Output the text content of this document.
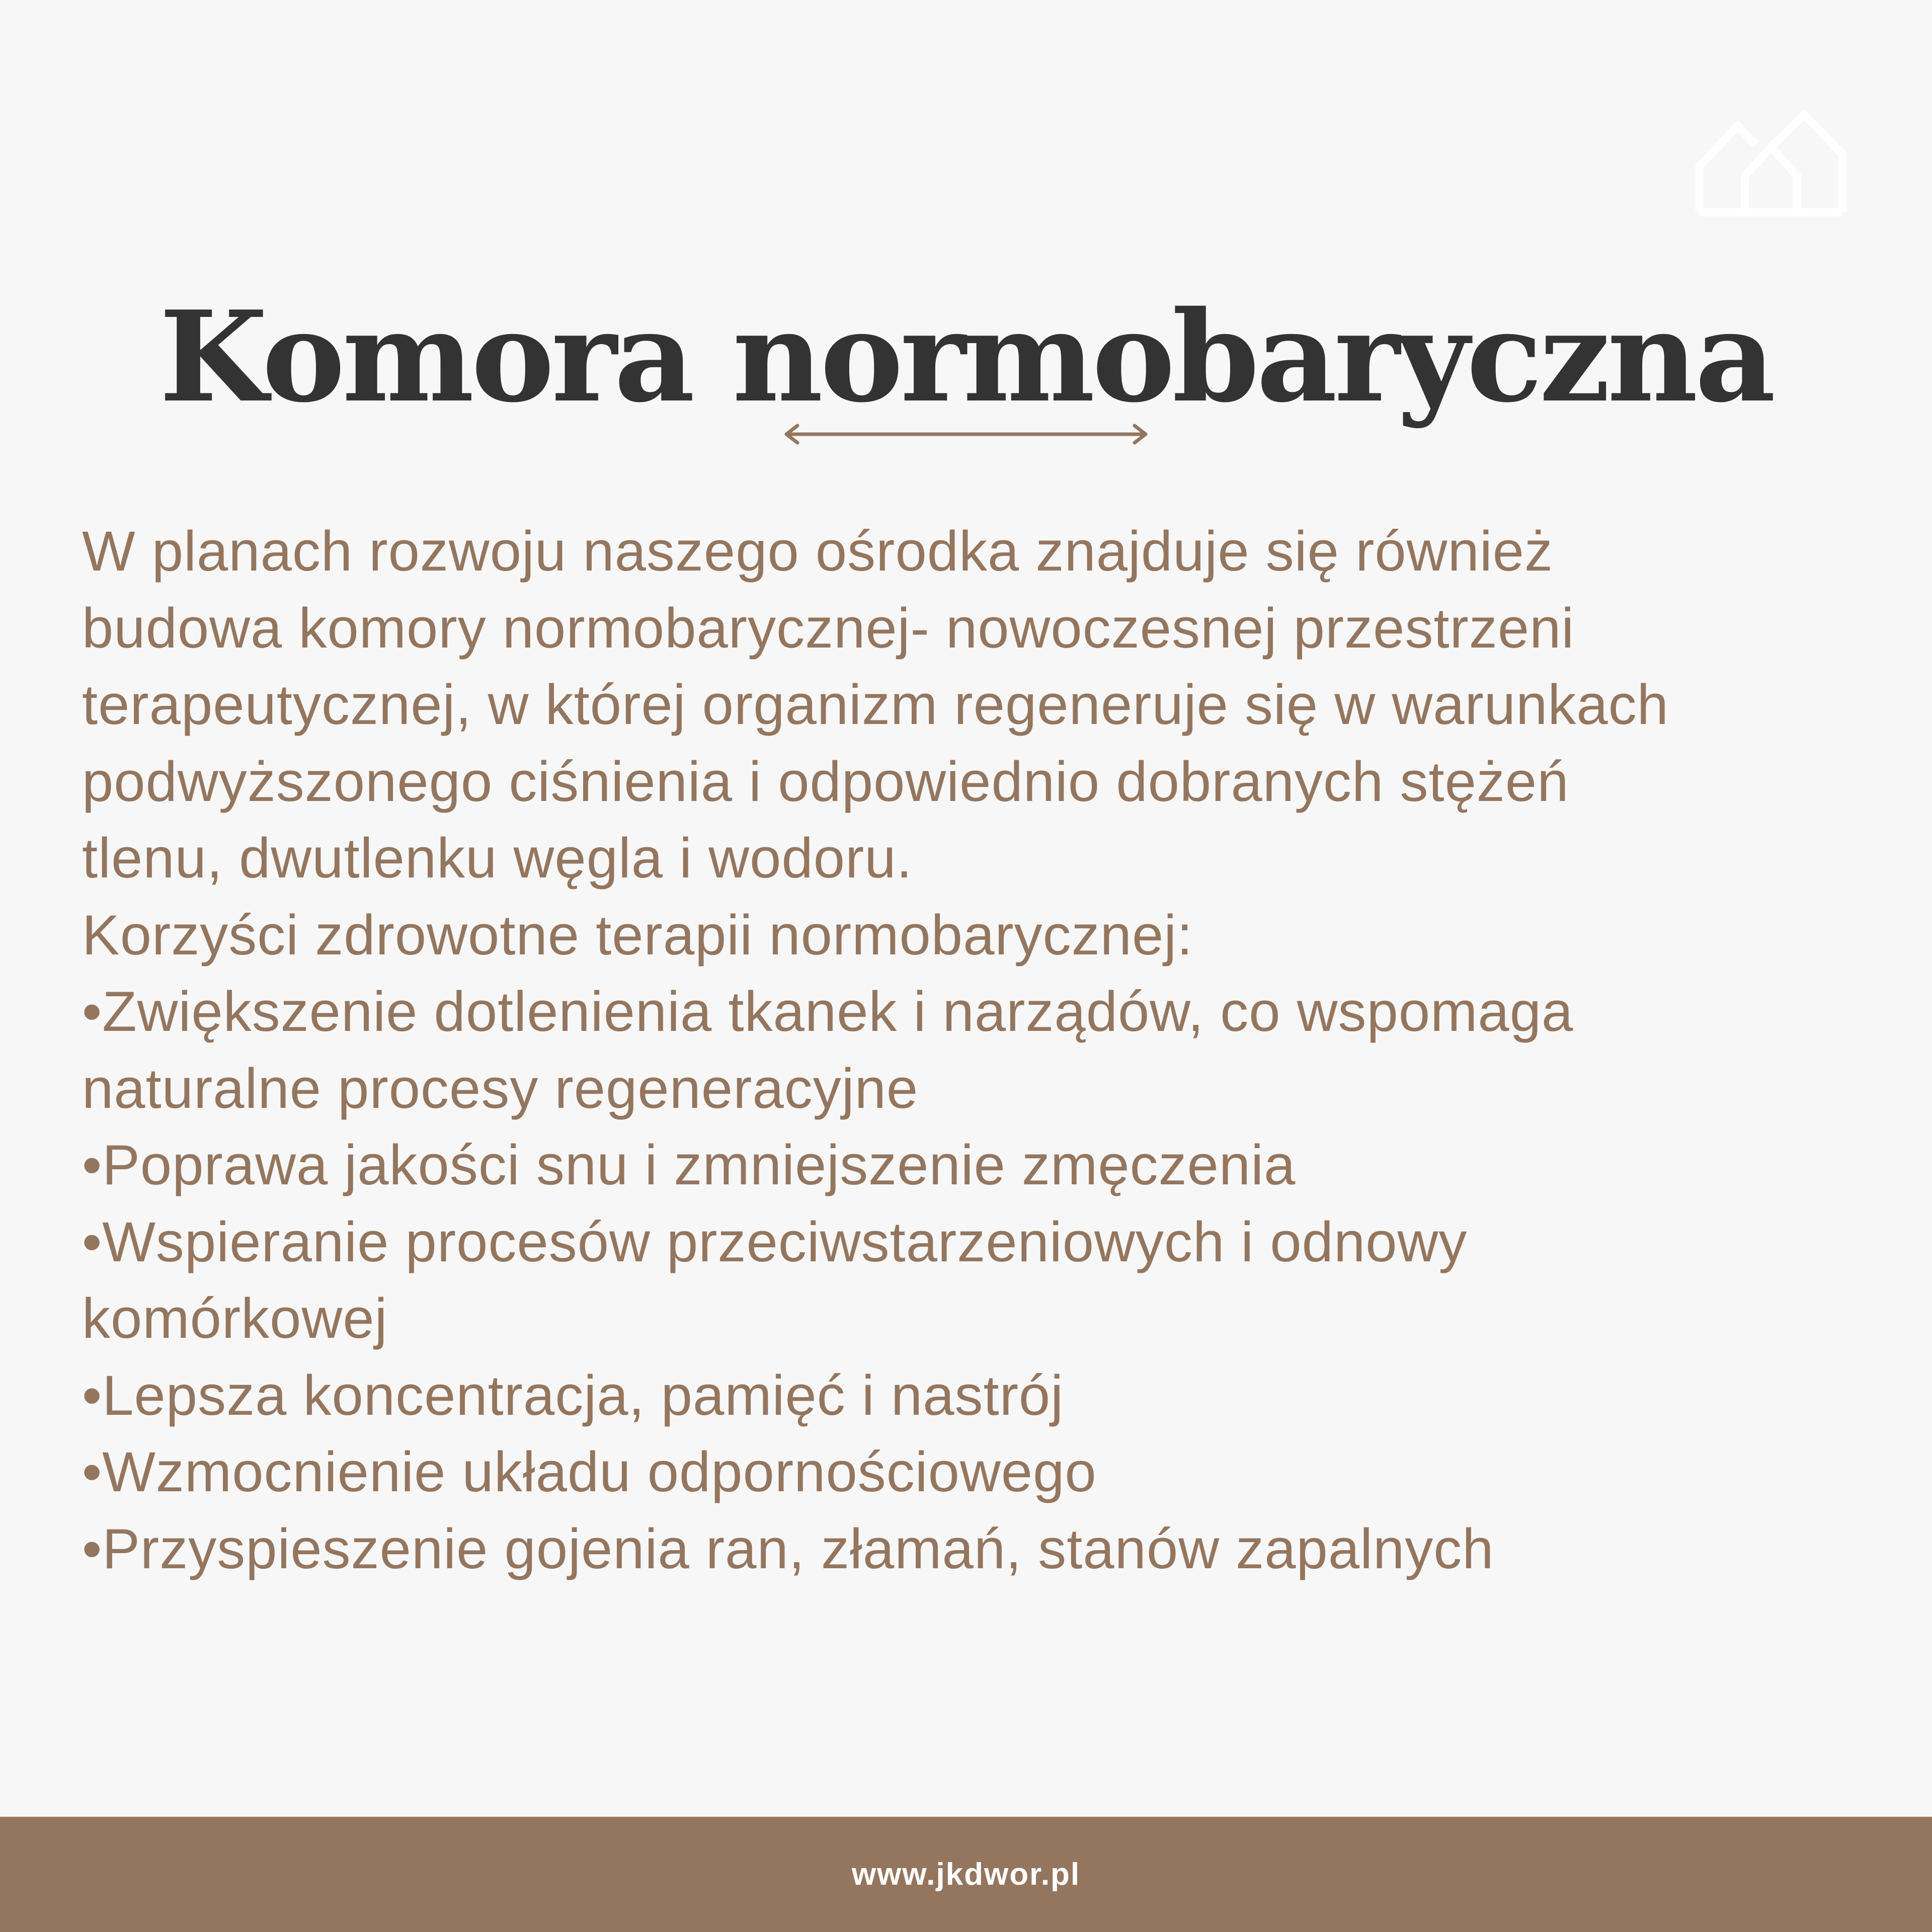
Komora normobaryczna
W planach rozwoju naszego ośrodka znajduje się również
budowa komory normobarycznej- nowoczesnej przestrzeni
terapeutycznej, w której organizm regeneruje się w warunkach
podwyższonego ciśnienia i odpowiednio dobranych stężeń
tlenu, dwutlenku węgla i wodoru.
Korzyści zdrowotne terapii normobarycznej:
•Zwiększenie dotlenienia tkanek i narządów, co wspomaga
naturalne procesy regeneracyjne
•Poprawa jakości snu i zmniejszenie zmęczenia
•Wspieranie procesów przeciwstarzeniowych i odnowy
komórkowej
•Lepsza koncentracja, pamięć i nastrój
•Wzmocnienie układu odpornościowego
•Przyspieszenie gojenia ran, złamań, stanów zapalnych
www.jkdwor.pl
